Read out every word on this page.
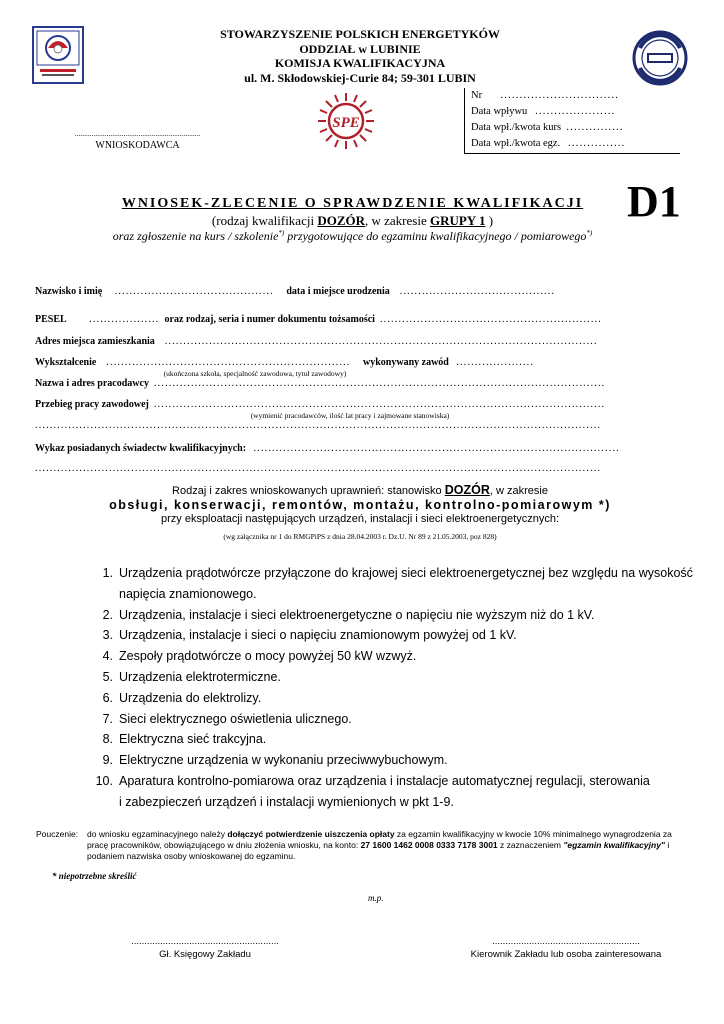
STOWARZYSZENIE POLSKICH ENERGETYKÓW
ODDZIAŁ w LUBINIE
KOMISJA KWALIFIKACYJNA
ul. M. Skłodowskiej-Curie 84; 59-301 LUBIN
SPE
Nr ...............................
Data wpływu .....................
Data wpł./kwota kurs ...............
Data wpł./kwota egz. ...............
...................................................................
WNIOSKODAWCA
WNIOSEK-ZLECENIE O SPRAWDZENIE KWALIFIKACJI
(rodzaj kwalifikacji DOZÓR, w zakresie GRUPY 1 )
oraz zgłoszenie na kurs / szkolenie*) przygotowujące do egzaminu kwalifikacyjnego / pomiarowego*)
D1
Nazwisko i imię ........................................... data i miejsce urodzenia ..........................................
PESEL ................... oraz rodzaj, seria i numer dokumentu tożsamości ............................................................
Adres miejsca zamieszkania .....................................................................................................................
Wykształcenie .................................................................. wykonywany zawód .....................
(ukończona szkoła, specjalność zawodowa, tytuł zawodowy)
Nazwa i adres pracodawcy ..........................................................................................................................
Przebieg pracy zawodowej ..........................................................................................................................
(wymienić pracodawców, ilość lat pracy i zajmowane stanowiska)
.........................................................................................................................................................
Wykaz posiadanych świadectw kwalifikacyjnych: ...................................................................................................
.........................................................................................................................................................
Rodzaj i zakres wnioskowanych uprawnień: stanowisko DOZÓR, w zakresie
obsługi, konserwacji, remontów, montażu, kontrolno-pomiarowym *)
przy eksploatacji następujących urządzeń, instalacji i sieci elektroenergetycznych:
(wg załącznika nr 1 do RMGPiPS z dnia 28.04.2003 r. Dz.U. Nr 89 z 21.05.2003, poz 828)
1. Urządzenia prądotwórcze przyłączone do krajowej sieci elektroenergetycznej bez względu na wysokość
napięcia znamionowego.
2. Urządzenia, instalacje i sieci elektroenergetyczne o napięciu nie wyższym niż do 1 kV.
3. Urządzenia, instalacje i sieci o napięciu znamionowym powyżej od 1 kV.
4. Zespoły prądotwórcze o mocy powyżej 50 kW wzwyż.
5. Urządzenia elektrotermiczne.
6. Urządzenia do elektrolizy.
7. Sieci elektrycznego oświetlenia ulicznego.
8. Elektryczna sieć trakcyjna.
9. Elektryczne urządzenia w wykonaniu przeciwwybuchowym.
10. Aparatura kontrolno-pomiarowa oraz urządzenia i instalacje automatycznej regulacji, sterowania
i zabezpieczeń urządzeń i instalacji wymienionych w pkt 1-9.
Pouczenie: do wniosku egzaminacyjnego należy dołączyć potwierdzenie uiszczenia opłaty za egzamin kwalifikacyjny w kwocie 10% minimalnego wynagrodzenia za pracę pracowników, obowiązującego w dniu złożenia wniosku, na konto: 27 1600 1462 0008 0333 7178 3001 z zaznaczeniem "egzamin kwalifikacyjny" i podaniem nazwiska osoby wnioskowanej do egzaminu.
* niepotrzebne skreślić
m.p.
........................................................
Gł. Księgowy Zakładu
........................................................
Kierownik Zakładu lub osoba zainteresowana
